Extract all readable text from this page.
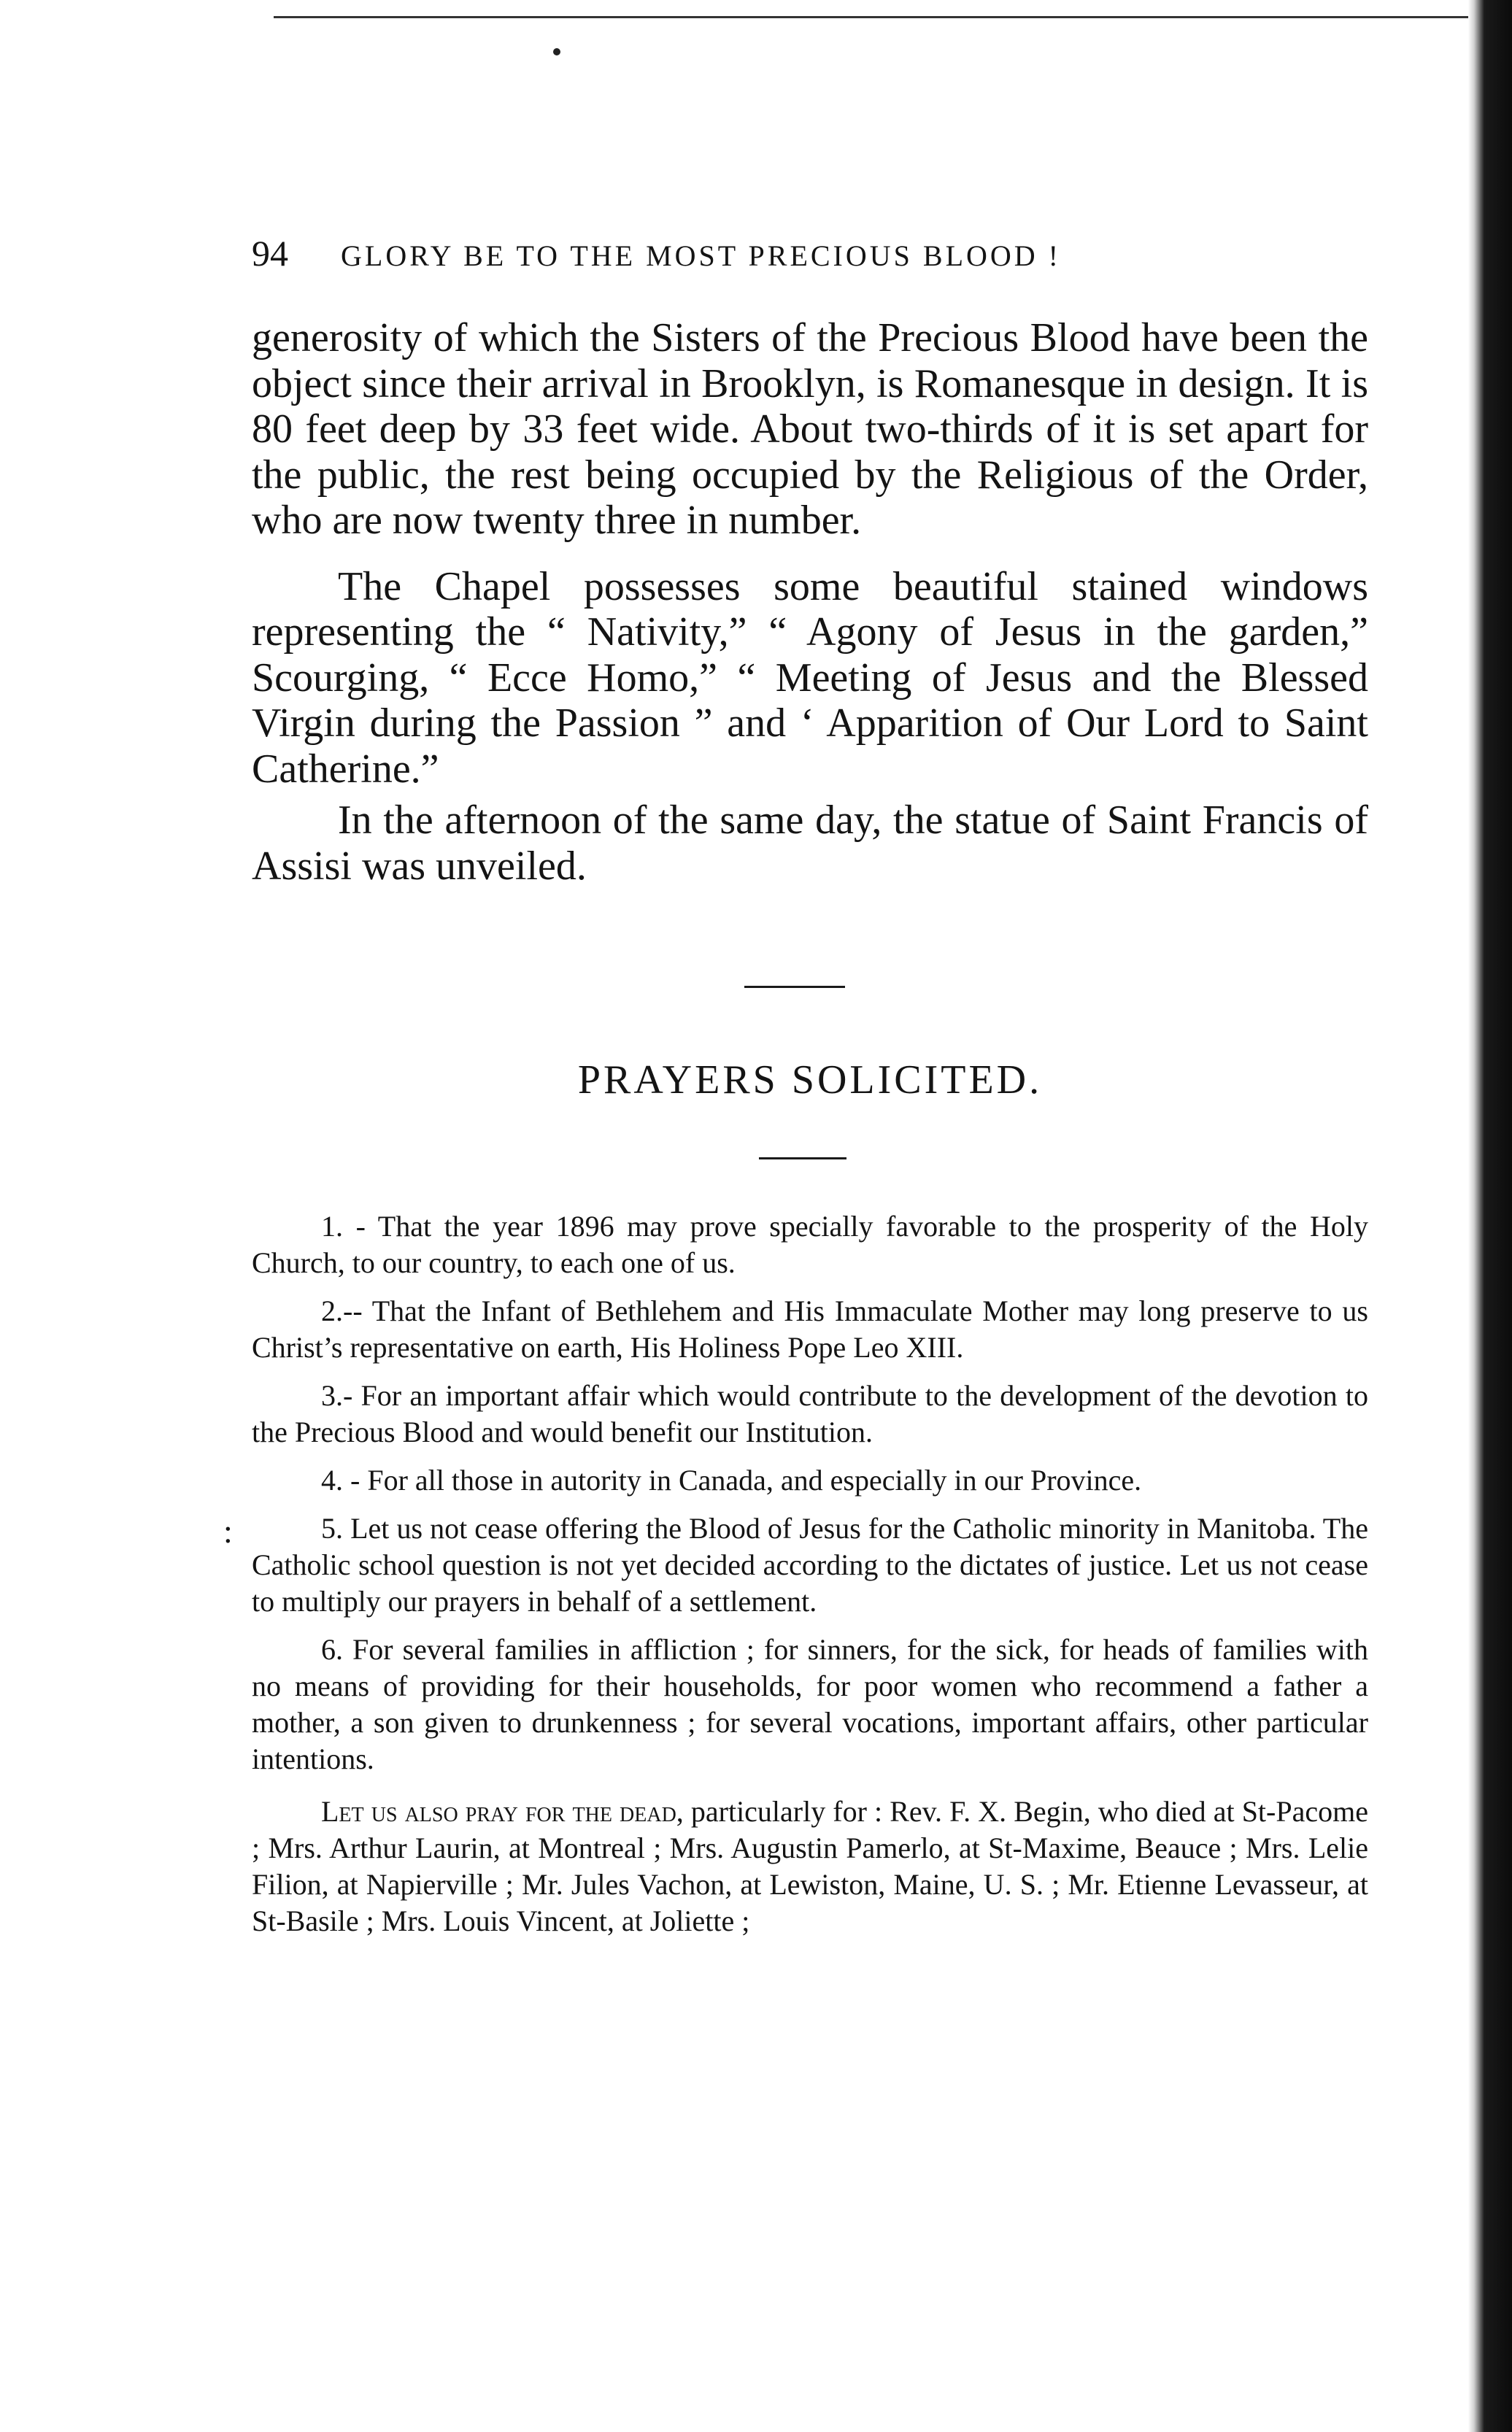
94 GLORY BE TO THE MOST PRECIOUS BLOOD !

generosity of which the Sisters of the Precious Blood have been the object since their arrival in Brooklyn, is Romanesque in design. It is 80 feet deep by 33 feet wide. About two-thirds of it is set apart for the public, the rest being occupied by the Religious of the Order, who are now twenty three in number.

The Chapel possesses some beautiful stained windows representing the “ Nativity,” “ Agony of Jesus in the garden,” Scourging, “ Ecce Homo,” “ Meeting of Jesus and the Blessed Virgin during the Passion ” and ‘ Apparition of Our Lord to Saint Catherine.”

In the afternoon of the same day, the statue of Saint Francis of Assisi was unveiled.

PRAYERS SOLICITED.
:

1. - That the year 1896 may prove specially favorable to the prosperity of the Holy Church, to our country, to each one of us.

2.-- That the Infant of Bethlehem and His Immaculate Mother may long preserve to us Christ’s representative on earth, His Holiness Pope Leo XIII.

3.- For an important affair which would contribute to the development of the devotion to the Precious Blood and would benefit our Institution.

4. - For all those in autority in Canada, and especially in our Province.

5. Let us not cease offering the Blood of Jesus for the Catholic minority in Manitoba. The Catholic school question is not yet decided according to the dictates of justice. Let us not cease to multiply our prayers in behalf of a settlement.

6. For several families in affliction ; for sinners, for the sick, for heads of families with no means of providing for their households, for poor women who recommend a father a mother, a son given to drunkenness ; for several vocations, important affairs, other particular intentions.

Let us also pray for the dead, particularly for : Rev. F. X. Begin, who died at St-Pacome ; Mrs. Arthur Laurin, at Montreal ; Mrs. Augustin Pamerlo, at St-Maxime, Beauce ; Mrs. Lelie Filion, at Napierville ; Mr. Jules Vachon, at Lewiston, Maine, U. S. ; Mr. Etienne Levasseur, at St-Basile ; Mrs. Louis Vincent, at Joliette ;
